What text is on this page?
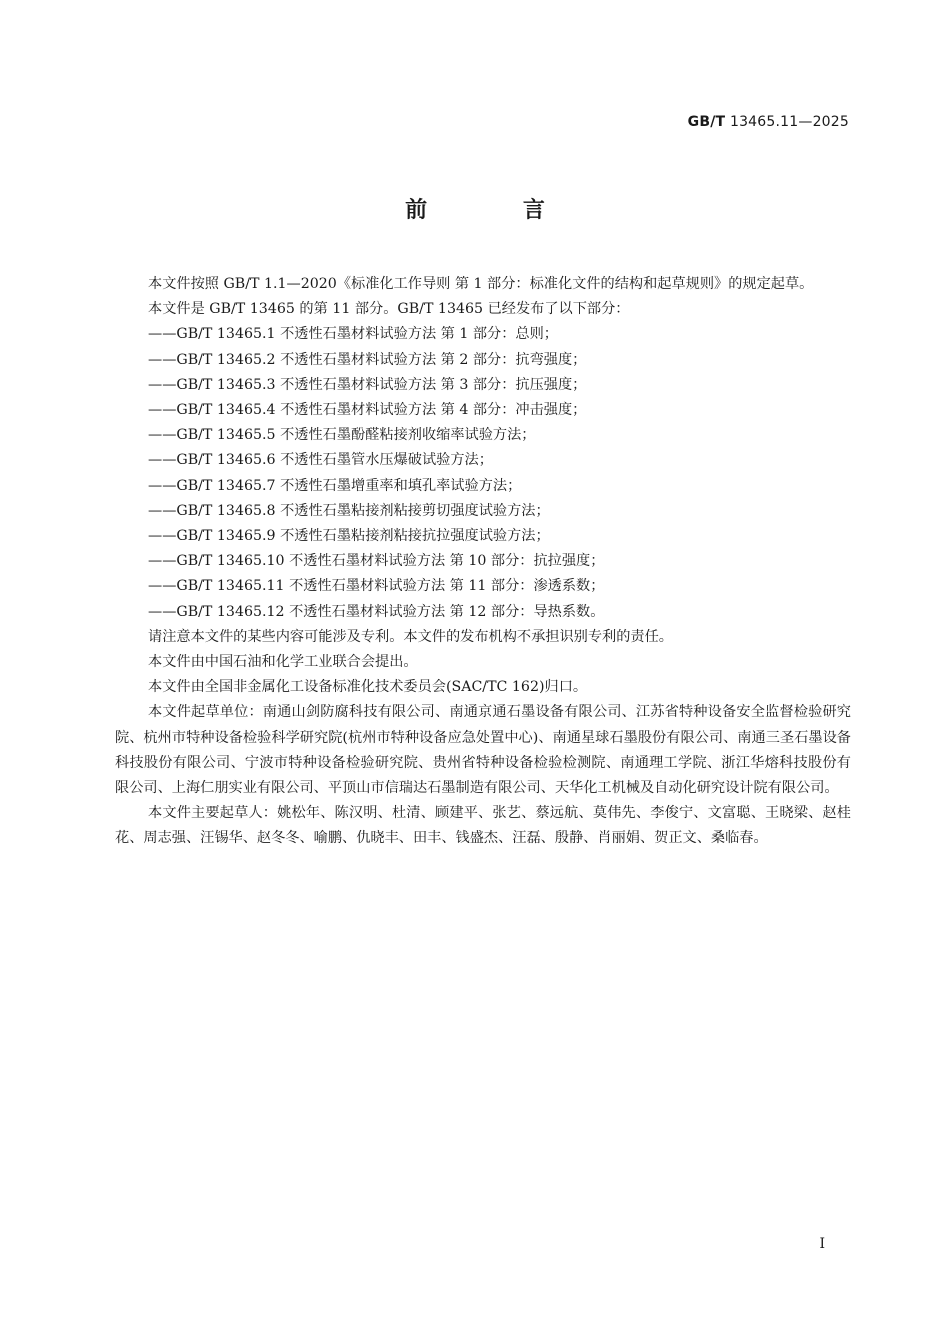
GB/T 13465.11—2025
前 言

本文件按照 GB/T 1.1—2020《标准化工作导则 第 1 部分：标准化文件的结构和起草规则》的规定起草。

本文件是 GB/T 13465 的第 11 部分。GB/T 13465 已经发布了以下部分：

——GB/T 13465.1 不透性石墨材料试验方法 第 1 部分：总则；
——GB/T 13465.2 不透性石墨材料试验方法 第 2 部分：抗弯强度；
——GB/T 13465.3 不透性石墨材料试验方法 第 3 部分：抗压强度；
——GB/T 13465.4 不透性石墨材料试验方法 第 4 部分：冲击强度；
——GB/T 13465.5 不透性石墨酚醛粘接剂收缩率试验方法；
——GB/T 13465.6 不透性石墨管水压爆破试验方法；
——GB/T 13465.7 不透性石墨增重率和填孔率试验方法；
——GB/T 13465.8 不透性石墨粘接剂粘接剪切强度试验方法；
——GB/T 13465.9 不透性石墨粘接剂粘接抗拉强度试验方法；
——GB/T 13465.10 不透性石墨材料试验方法 第 10 部分：抗拉强度；
——GB/T 13465.11 不透性石墨材料试验方法 第 11 部分：渗透系数；
——GB/T 13465.12 不透性石墨材料试验方法 第 12 部分：导热系数。

请注意本文件的某些内容可能涉及专利。本文件的发布机构不承担识别专利的责任。

本文件由中国石油和化学工业联合会提出。

本文件由全国非金属化工设备标准化技术委员会(SAC/TC 162)归口。

本文件起草单位：南通山剑防腐科技有限公司、南通京通石墨设备有限公司、江苏省特种设备安全监督检验研究院、杭州市特种设备检验科学研究院(杭州市特种设备应急处置中心)、南通星球石墨股份有限公司、南通三圣石墨设备科技股份有限公司、宁波市特种设备检验研究院、贵州省特种设备检验检测院、南通理工学院、浙江华熔科技股份有限公司、上海仁朋实业有限公司、平顶山市信瑞达石墨制造有限公司、天华化工机械及自动化研究设计院有限公司。

本文件主要起草人：姚松年、陈汉明、杜清、顾建平、张艺、蔡远航、莫伟先、李俊宁、文富聪、王晓梁、赵桂花、周志强、汪锡华、赵冬冬、喻鹏、仇晓丰、田丰、钱盛杰、汪磊、殷静、肖丽娟、贺正文、桑临春。

I
